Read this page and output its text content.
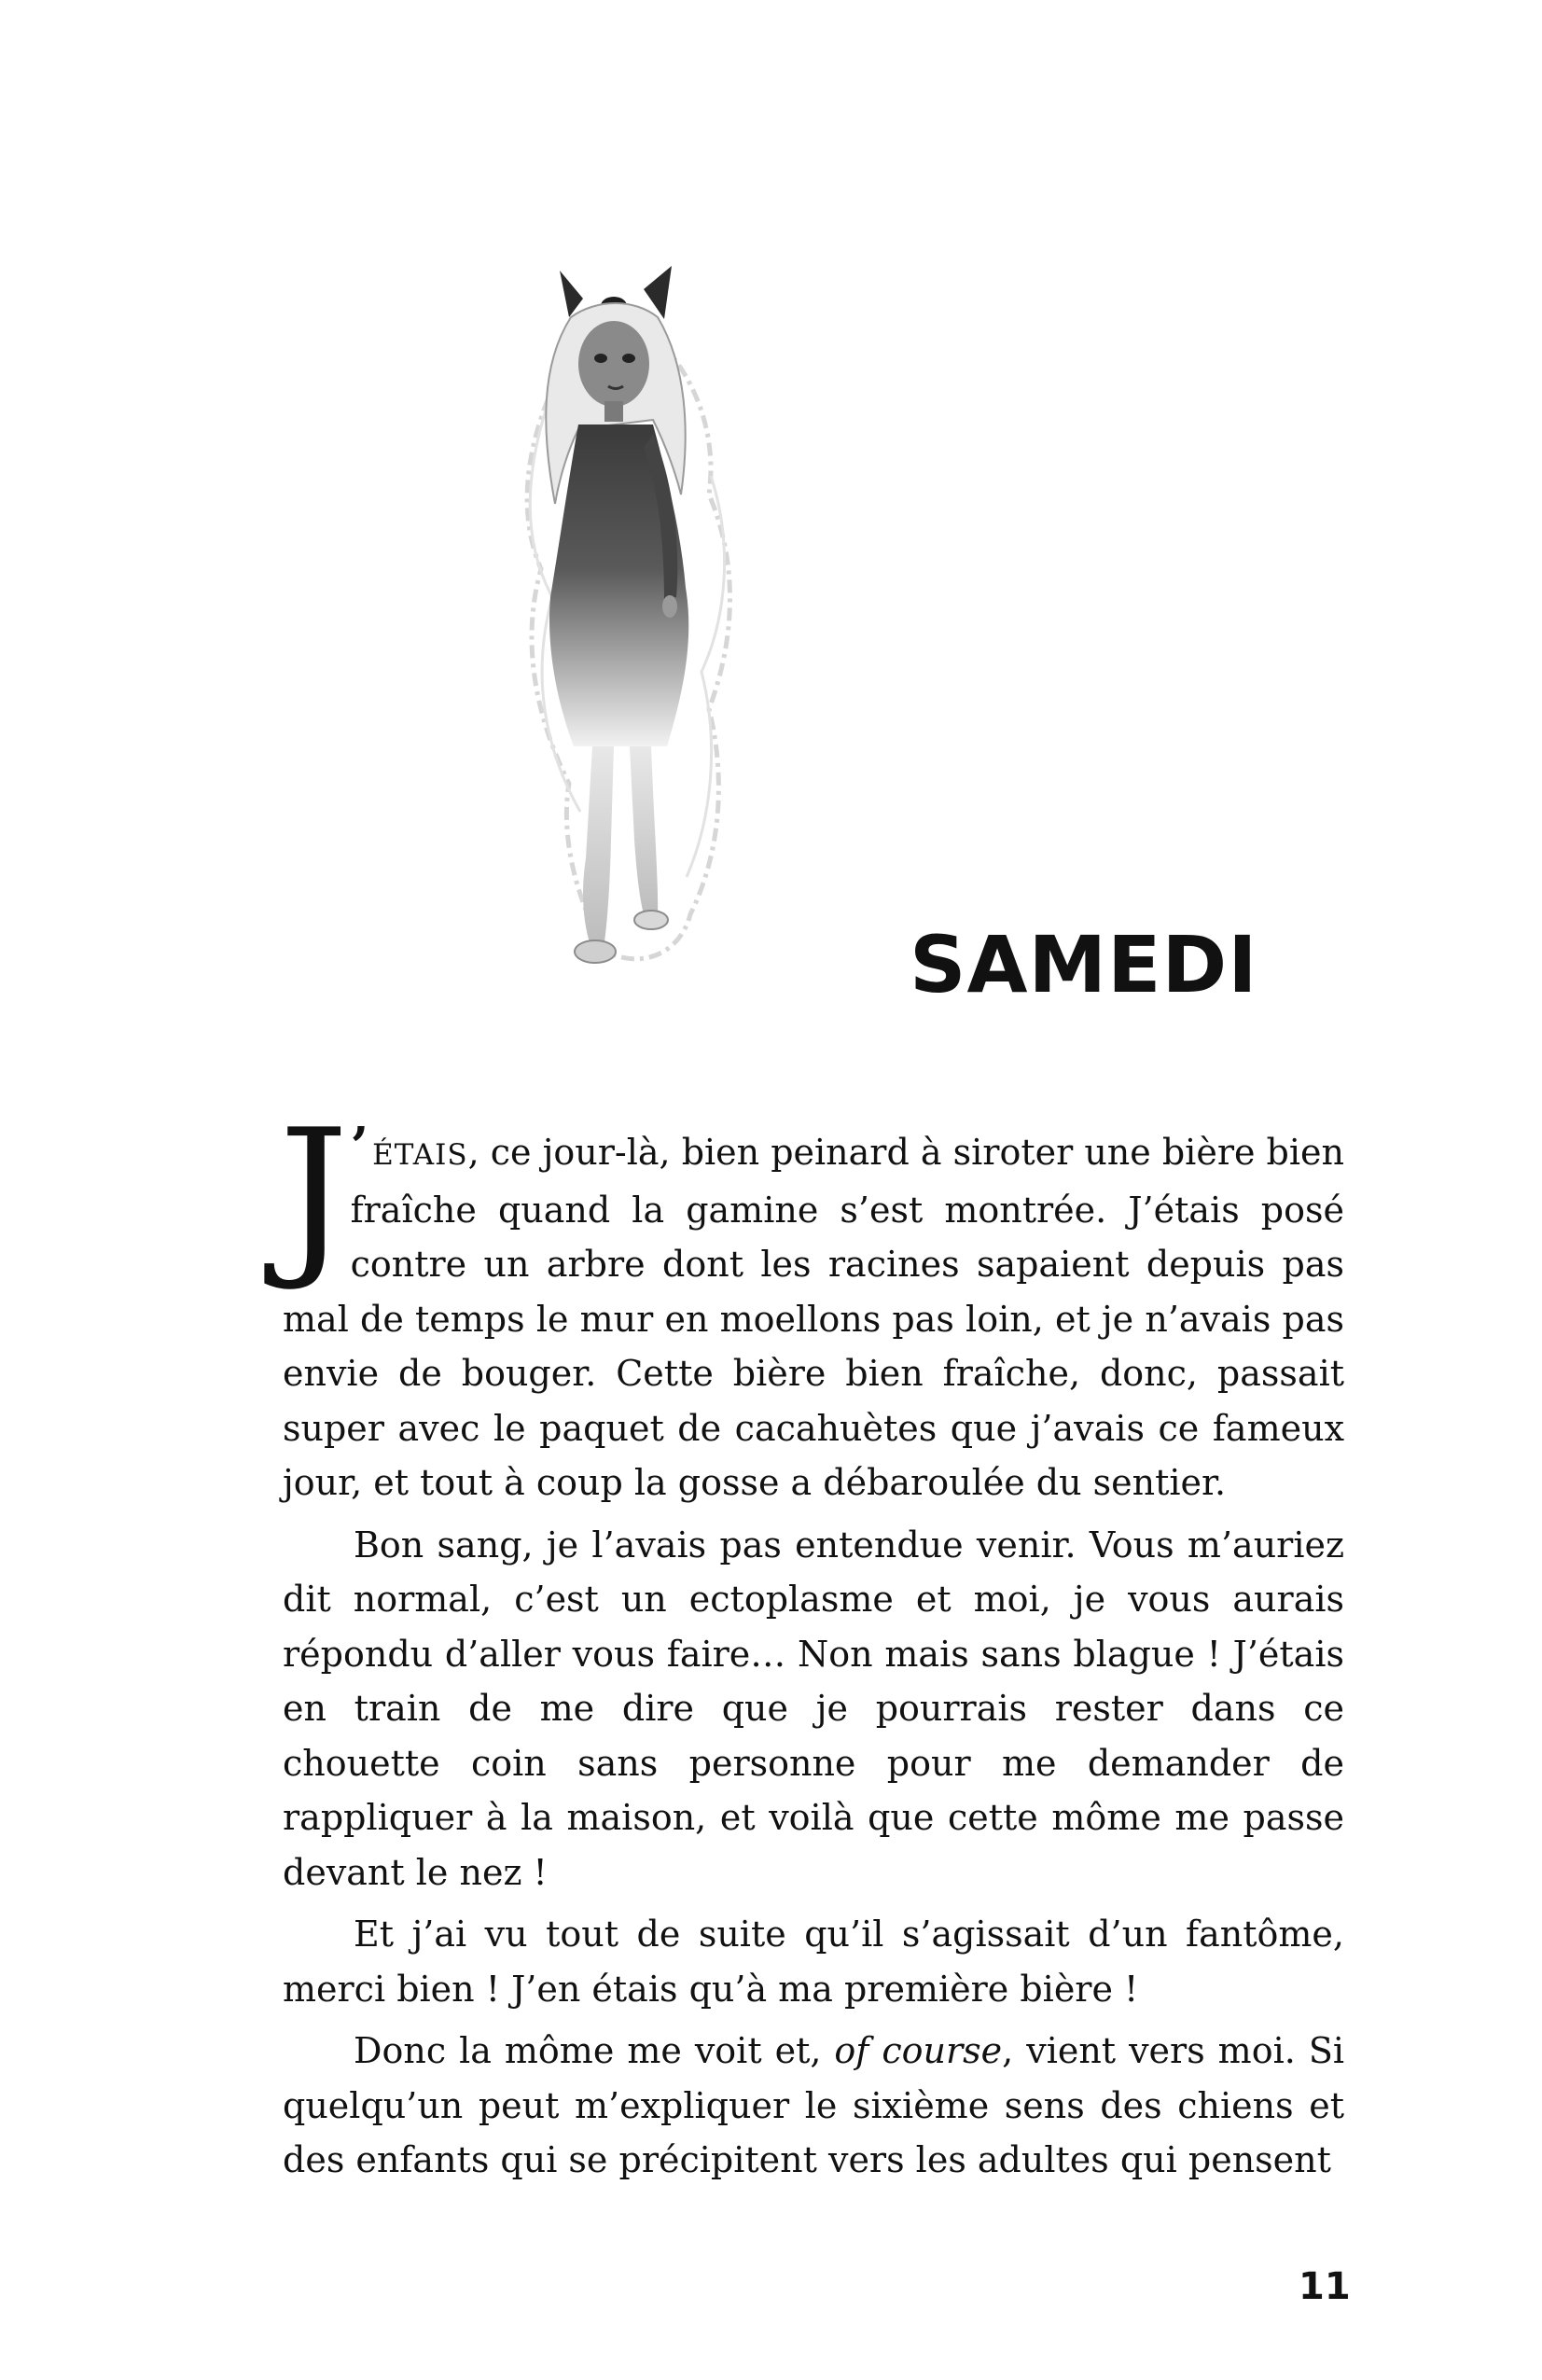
SAMEDI

J ’ ÉTAIS, ce jour-là, bien peinard à siroter une bière bien fraîche quand la gamine s’est montrée. J’étais posé contre un arbre dont les racines sapaient depuis pas mal de temps le mur en moellons pas loin, et je n’avais pas envie de bouger. Cette bière bien fraîche, donc, passait super avec le paquet de cacahuètes que j’avais ce fameux jour, et tout à coup la gosse a débaroulée du sentier.

Bon sang, je l’avais pas entendue venir. Vous m’auriez dit normal, c’est un ectoplasme et moi, je vous aurais répondu d’aller vous faire… Non mais sans blague ! J’étais en train de me dire que je pourrais rester dans ce chouette coin sans personne pour me demander de rappliquer à la maison, et voilà que cette môme me passe devant le nez !

Et j’ai vu tout de suite qu’il s’agissait d’un fantôme, merci bien ! J’en étais qu’à ma première bière !

Donc la môme me voit et, of course, vient vers moi. Si quelqu’un peut m’expliquer le sixième sens des chiens et des enfants qui se précipitent vers les adultes qui pensent

11
